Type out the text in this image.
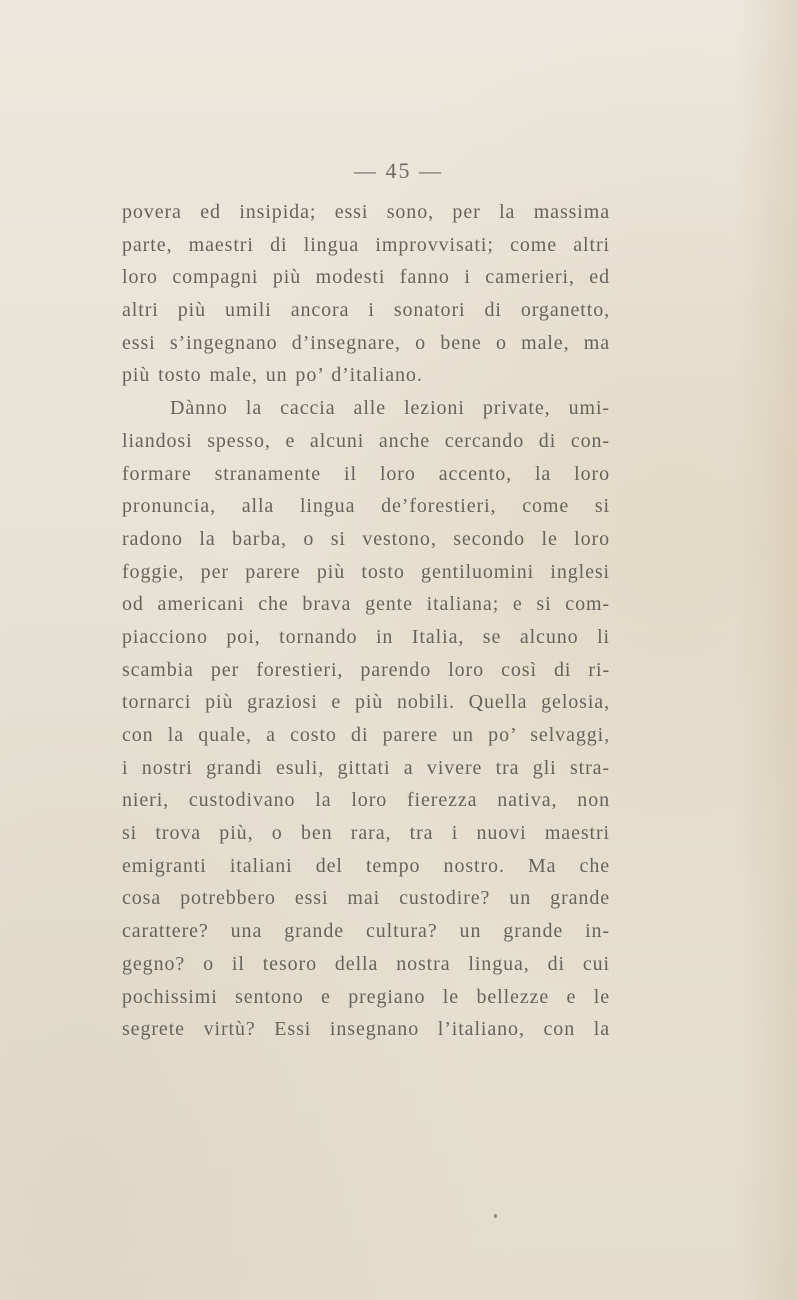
— 45 —
povera ed insipida; essi sono, per la massima
parte, maestri di lingua improvvisati; come altri
loro compagni più modesti fanno i camerieri, ed
altri più umili ancora i sonatori di organetto,
essi s’ingegnano d’insegnare, o bene o male, ma
più tosto male, un po’ d’italiano.
Dànno la caccia alle lezioni private, umi-
liandosi spesso, e alcuni anche cercando di con-
formare stranamente il loro accento, la loro
pronuncia, alla lingua de’forestieri, come si
radono la barba, o si vestono, secondo le loro
foggie, per parere più tosto gentiluomini inglesi
od americani che brava gente italiana; e si com-
piacciono poi, tornando in Italia, se alcuno li
scambia per forestieri, parendo loro così di ri-
tornarci più graziosi e più nobili. Quella gelosia,
con la quale, a costo di parere un po’ selvaggi,
i nostri grandi esuli, gittati a vivere tra gli stra-
nieri, custodivano la loro fierezza nativa, non
si trova più, o ben rara, tra i nuovi maestri
emigranti italiani del tempo nostro. Ma che
cosa potrebbero essi mai custodire? un grande
carattere? una grande cultura? un grande in-
gegno? o il tesoro della nostra lingua, di cui
pochissimi sentono e pregiano le bellezze e le
segrete virtù? Essi insegnano l’italiano, con la
